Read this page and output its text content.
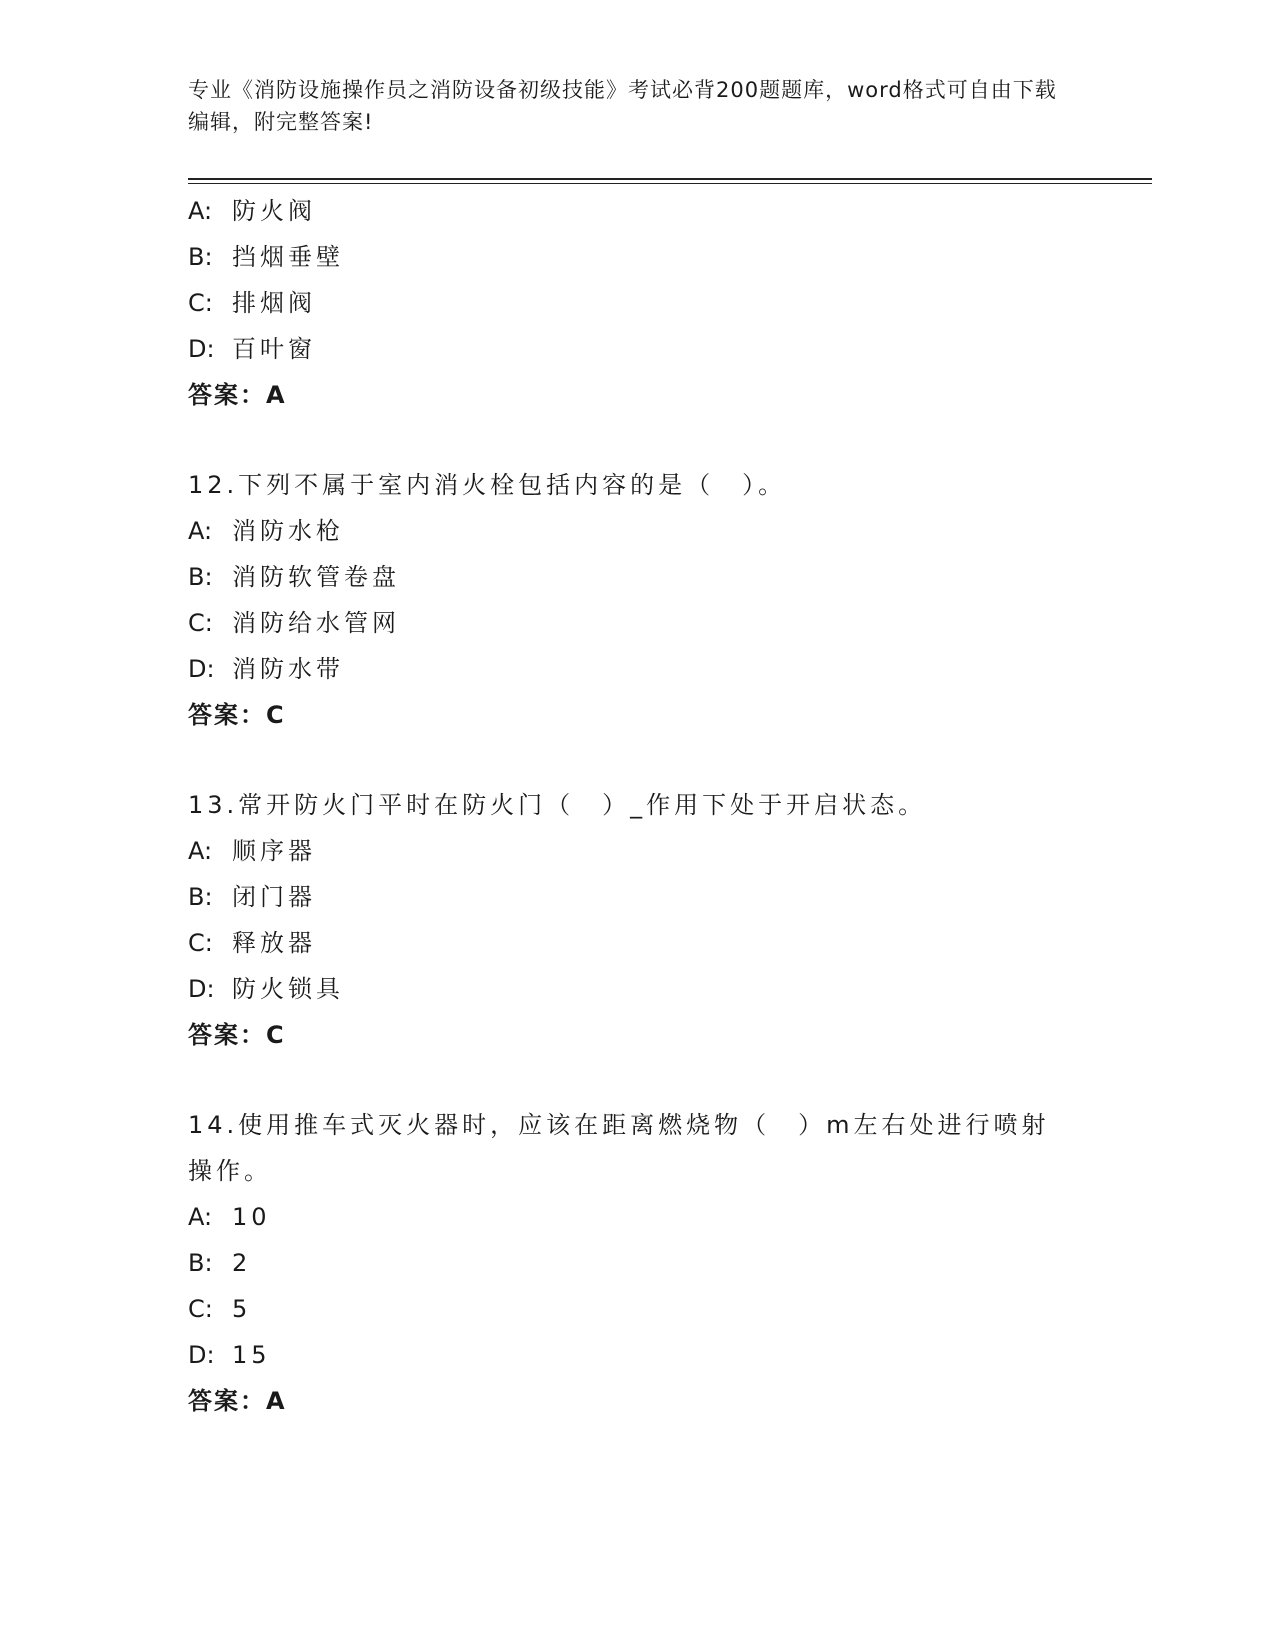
专业《消防设施操作员之消防设备初级技能》考试必背200题题库，word格式可自由下载编辑，附完整答案!
A: 防火阀
B: 挡烟垂壁
C: 排烟阀
D: 百叶窗
答案：A
12.下列不属于室内消火栓包括内容的是（　）。
A: 消防水枪
B: 消防软管卷盘
C: 消防给水管网
D: 消防水带
答案：C
13.常开防火门平时在防火门（　）_作用下处于开启状态。
A: 顺序器
B: 闭门器
C: 释放器
D: 防火锁具
答案：C
14.使用推车式灭火器时，应该在距离燃烧物（　）m左右处进行喷射操作。
A: 10
B: 2
C: 5
D: 15
答案：A
